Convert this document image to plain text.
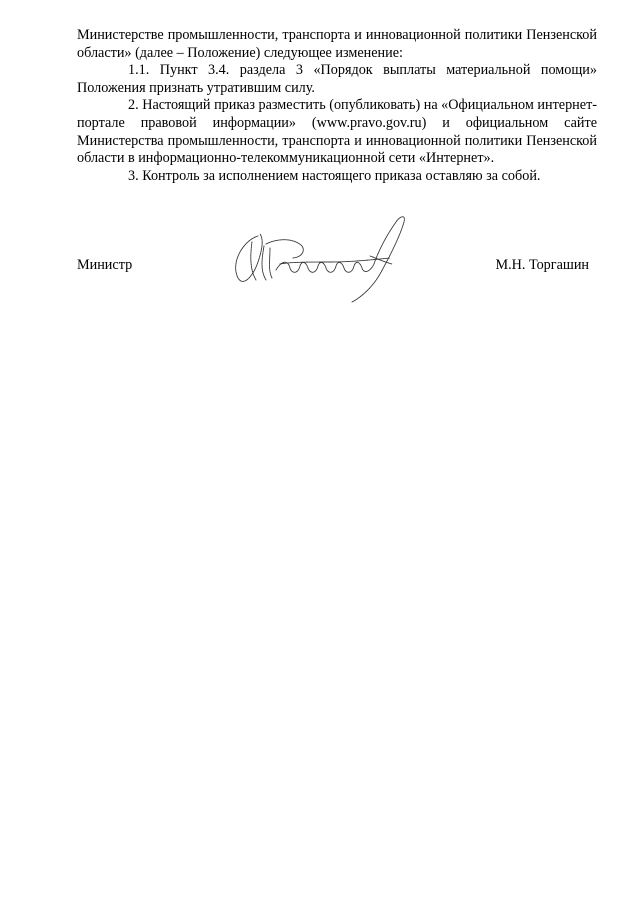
Министерстве промышленности, транспорта и инновационной политики Пензенской области» (далее – Положение) следующее изменение:

1.1. Пункт 3.4. раздела 3 «Порядок выплаты материальной помощи» Положения признать утратившим силу.

2. Настоящий приказ разместить (опубликовать) на «Официальном интернет-портале правовой информации» (www.pravo.gov.ru) и официальном сайте Министерства промышленности, транспорта и инновационной политики Пензенской области в информационно-телекоммуникационной сети «Интернет».

3. Контроль за исполнением настоящего приказа оставляю за собой.

Министр	М.Н. Торгашин
